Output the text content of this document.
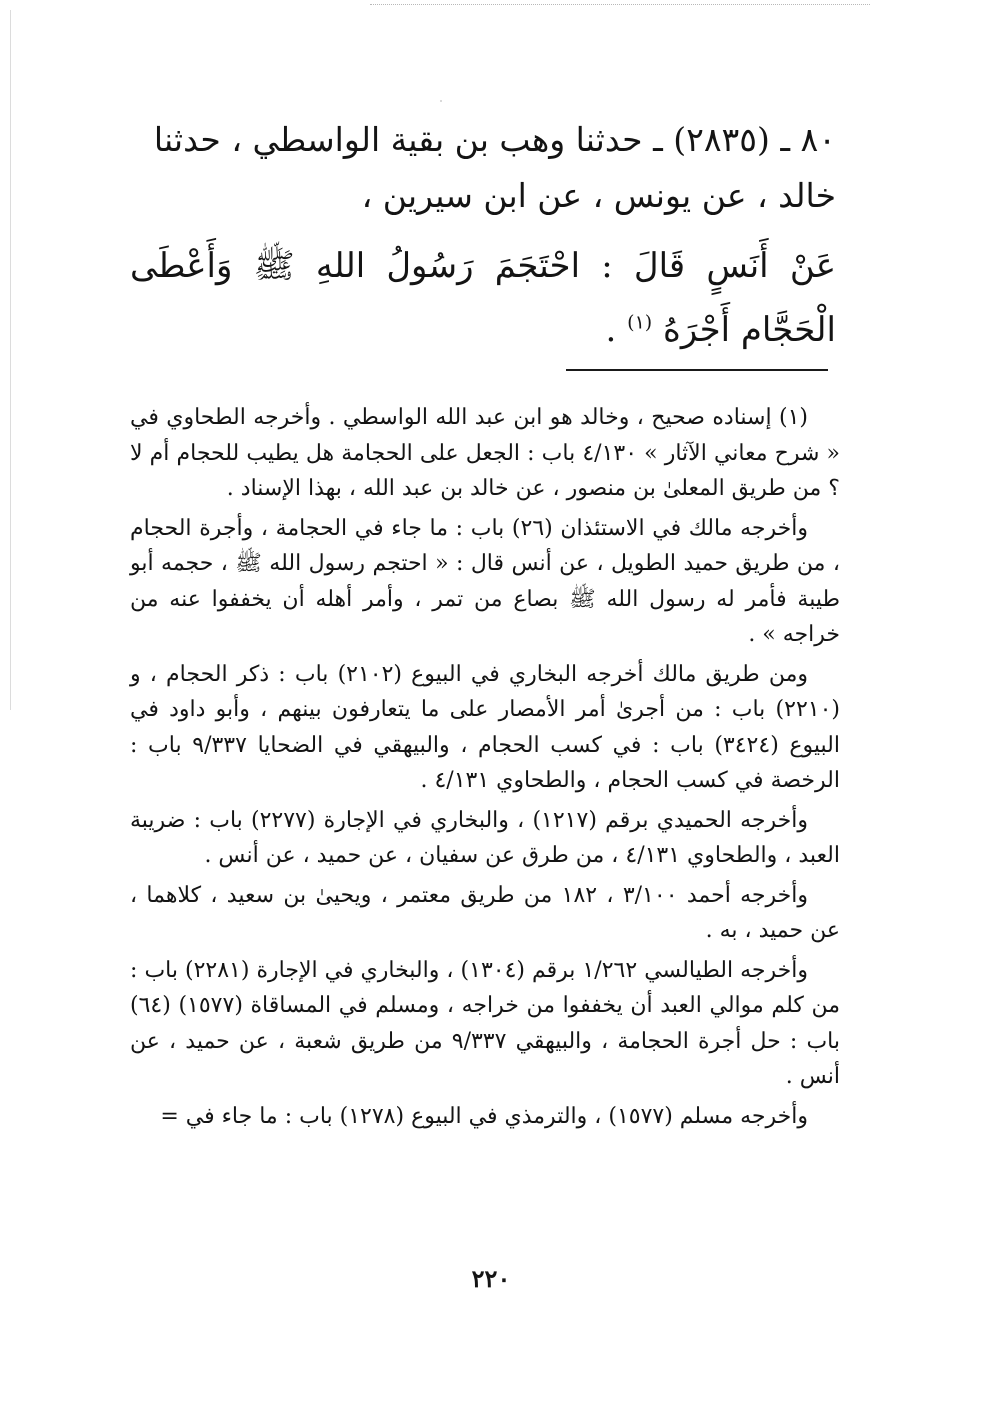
٨٠ ـ (٢٨٣٥) ـ حدثنا وهب بن بقية الواسطي ، حدثنا

خالد ، عن يونس ، عن ابن سيرين ،

عَنْ أَنَسٍ قَالَ : احْتَجَمَ رَسُولُ اللهِ ﷺ وَأَعْطَى الْحَجَّام أَجْرَهُ $^{(١)}$ .

(١) إسناده صحيح ، وخالد هو ابن عبد الله الواسطي . وأخرجه الطحاوي في « شرح معاني الآثار » ٤/١٣٠ باب : الجعل على الحجامة هل يطيب للحجام أم لا ؟ من طريق المعلىٰ بن منصور ، عن خالد بن عبد الله ، بهذا الإسناد .

وأخرجه مالك في الاستئذان (٢٦) باب : ما جاء في الحجامة ، وأجرة الحجام ، من طريق حميد الطويل ، عن أنس قال : « احتجم رسول الله ﷺ ، حجمه أبو طيبة فأمر له رسول الله ﷺ بصاع من تمر ، وأمر أهله أن يخففوا عنه من خراجه » .

ومن طريق مالك أخرجه البخاري في البيوع (٢١٠٢) باب : ذكر الحجام ، و (٢٢١٠) باب : من أجرىٰ أمر الأمصار على ما يتعارفون بينهم ، وأبو داود في البيوع (٣٤٢٤) باب : في كسب الحجام ، والبيهقي في الضحايا ٩/٣٣٧ باب : الرخصة في كسب الحجام ، والطحاوي ٤/١٣١ .

وأخرجه الحميدي برقم (١٢١٧) ، والبخاري في الإجارة (٢٢٧٧) باب : ضريبة العبد ، والطحاوي ٤/١٣١ ، من طرق عن سفيان ، عن حميد ، عن أنس .

وأخرجه أحمد ٣/١٠٠ ، ١٨٢ من طريق معتمر ، ويحيىٰ بن سعيد ، كلاهما ، عن حميد ، به .

وأخرجه الطيالسي ١/٢٦٢ برقم (١٣٠٤) ، والبخاري في الإجارة (٢٢٨١) باب : من كلم موالي العبد أن يخففوا من خراجه ، ومسلم في المساقاة (١٥٧٧) (٦٤) باب : حل أجرة الحجامة ، والبيهقي ٩/٣٣٧ من طريق شعبة ، عن حميد ، عن أنس .

وأخرجه مسلم (١٥٧٧) ، والترمذي في البيوع (١٢٧٨) باب : ما جاء في =

٢٢٠
